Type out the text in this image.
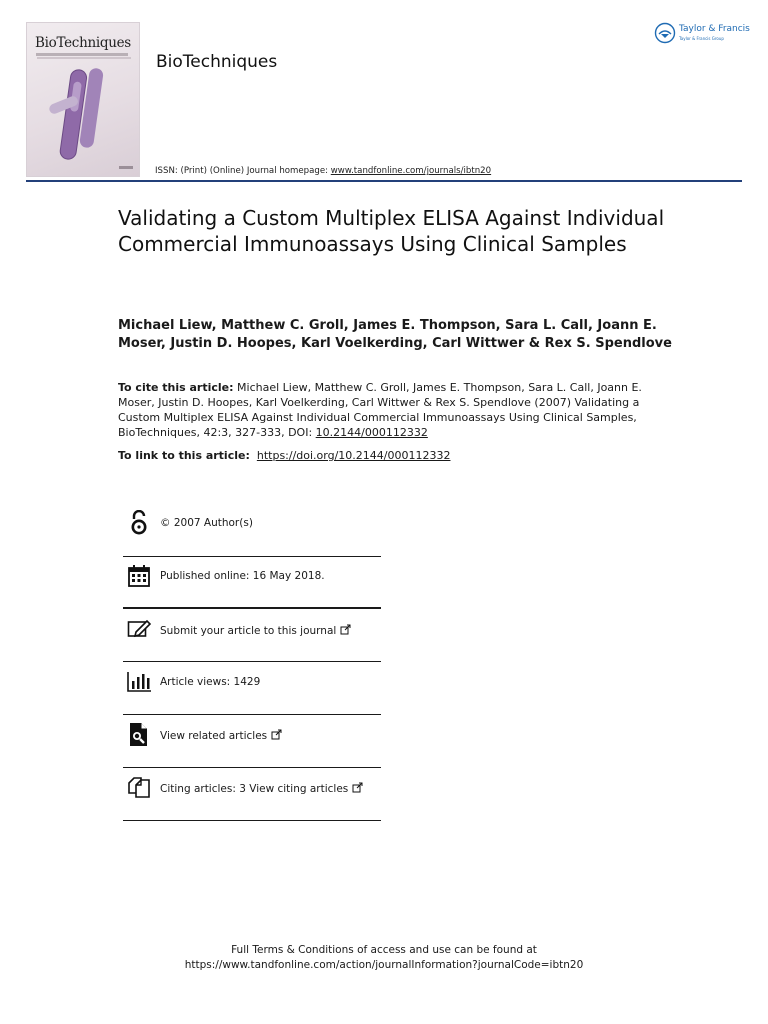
BioTechniques
BioTechniques
ISSN: (Print) (Online) Journal homepage: www.tandfonline.com/journals/ibtn20
Taylor & Francis
Taylor & Francis Group
Validating a Custom Multiplex ELISA Against Individual Commercial Immunoassays Using Clinical Samples

Michael Liew, Matthew C. Groll, James E. Thompson, Sara L. Call, Joann E. Moser, Justin D. Hoopes, Karl Voelkerding, Carl Wittwer & Rex S. Spendlove

To cite this article: Michael Liew, Matthew C. Groll, James E. Thompson, Sara L. Call, Joann E. Moser, Justin D. Hoopes, Karl Voelkerding, Carl Wittwer & Rex S. Spendlove (2007) Validating a Custom Multiplex ELISA Against Individual Commercial Immunoassays Using Clinical Samples, BioTechniques, 42:3, 327-333, DOI: 10.2144/000112332
To link to this article: https://doi.org/10.2144/000112332
© 2007 Author(s)
Published online: 16 May 2018.
Submit your article to this journal
Article views: 1429
View related articles
Citing articles: 3 View citing articles
Full Terms & Conditions of access and use can be found at
https://www.tandfonline.com/action/journalInformation?journalCode=ibtn20
